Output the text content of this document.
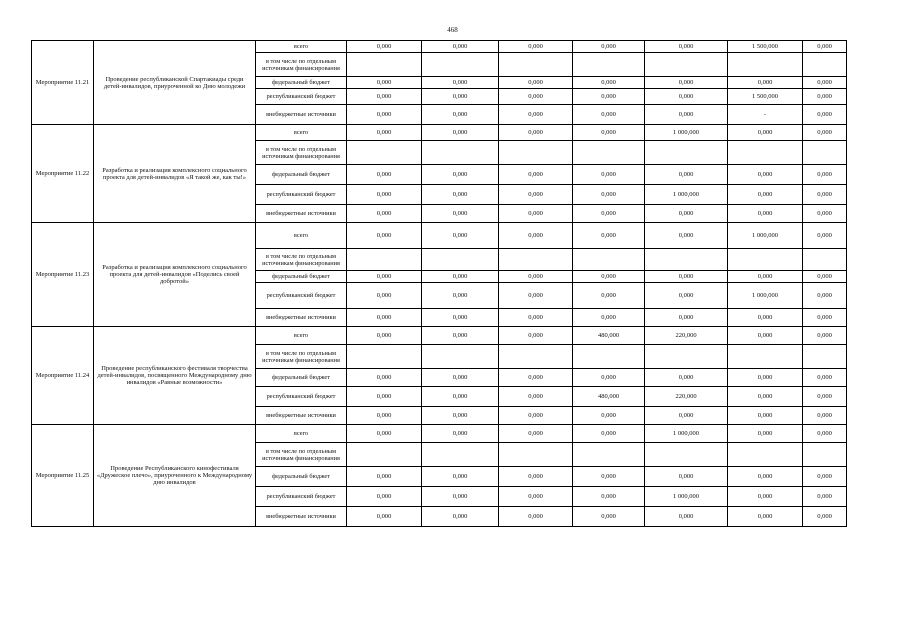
468
Мероприятие 11.21	Проведение республиканской Спартакиады среди детей-инвалидов, приуроченной ко Дню молодежи	всего	0,000	0,000	0,000	0,000	0,000	1 500,000	0,000
		в том числе по отдельным источникам финансирования							
		федеральный бюджет	0,000	0,000	0,000	0,000	0,000	0,000	0,000
		республиканский бюджет	0,000	0,000	0,000	0,000	0,000	1 500,000	0,000
		внебюджетные источники	0,000	0,000	0,000	0,000	0,000	-	0,000
Мероприятие 11.22	Разработка и реализация комплексного социального проекта для детей-инвалидов «Я такой же, как ты!»	всего	0,000	0,000	0,000	0,000	1 000,000	0,000	0,000
		в том числе по отдельным источникам финансирования							
		федеральный бюджет	0,000	0,000	0,000	0,000	0,000	0,000	0,000
		республиканский бюджет	0,000	0,000	0,000	0,000	1 000,000	0,000	0,000
		внебюджетные источники	0,000	0,000	0,000	0,000	0,000	0,000	0,000
Мероприятие 11.23	Разработка и реализация комплексного социального проекта для детей-инвалидов «Поделись своей добротой»	всего	0,000	0,000	0,000	0,000	0,000	1 000,000	0,000
		в том числе по отдельным источникам финансирования							
		федеральный бюджет	0,000	0,000	0,000	0,000	0,000	0,000	0,000
		республиканский бюджет	0,000	0,000	0,000	0,000	0,000	1 000,000	0,000
		внебюджетные источники	0,000	0,000	0,000	0,000	0,000	0,000	0,000
Мероприятие 11.24	Проведение республиканского фестиваля творчества детей-инвалидов, посвященного Международному дню инвалидов «Равные возможности»	всего	0,000	0,000	0,000	480,000	220,000	0,000	0,000
		в том числе по отдельным источникам финансирования							
		федеральный бюджет	0,000	0,000	0,000	0,000	0,000	0,000	0,000
		республиканский бюджет	0,000	0,000	0,000	480,000	220,000	0,000	0,000
		внебюджетные источники	0,000	0,000	0,000	0,000	0,000	0,000	0,000
Мероприятие 11.25	Проведение Республиканского кинофестиваля «Дружеское плечо», приуроченного к Международному дню инвалидов	всего	0,000	0,000	0,000	0,000	1 000,000	0,000	0,000
		в том числе по отдельным источникам финансирования							
		федеральный бюджет	0,000	0,000	0,000	0,000	0,000	0,000	0,000
		республиканский бюджет	0,000	0,000	0,000	0,000	1 000,000	0,000	0,000
		внебюджетные источники	0,000	0,000	0,000	0,000	0,000	0,000	0,000
